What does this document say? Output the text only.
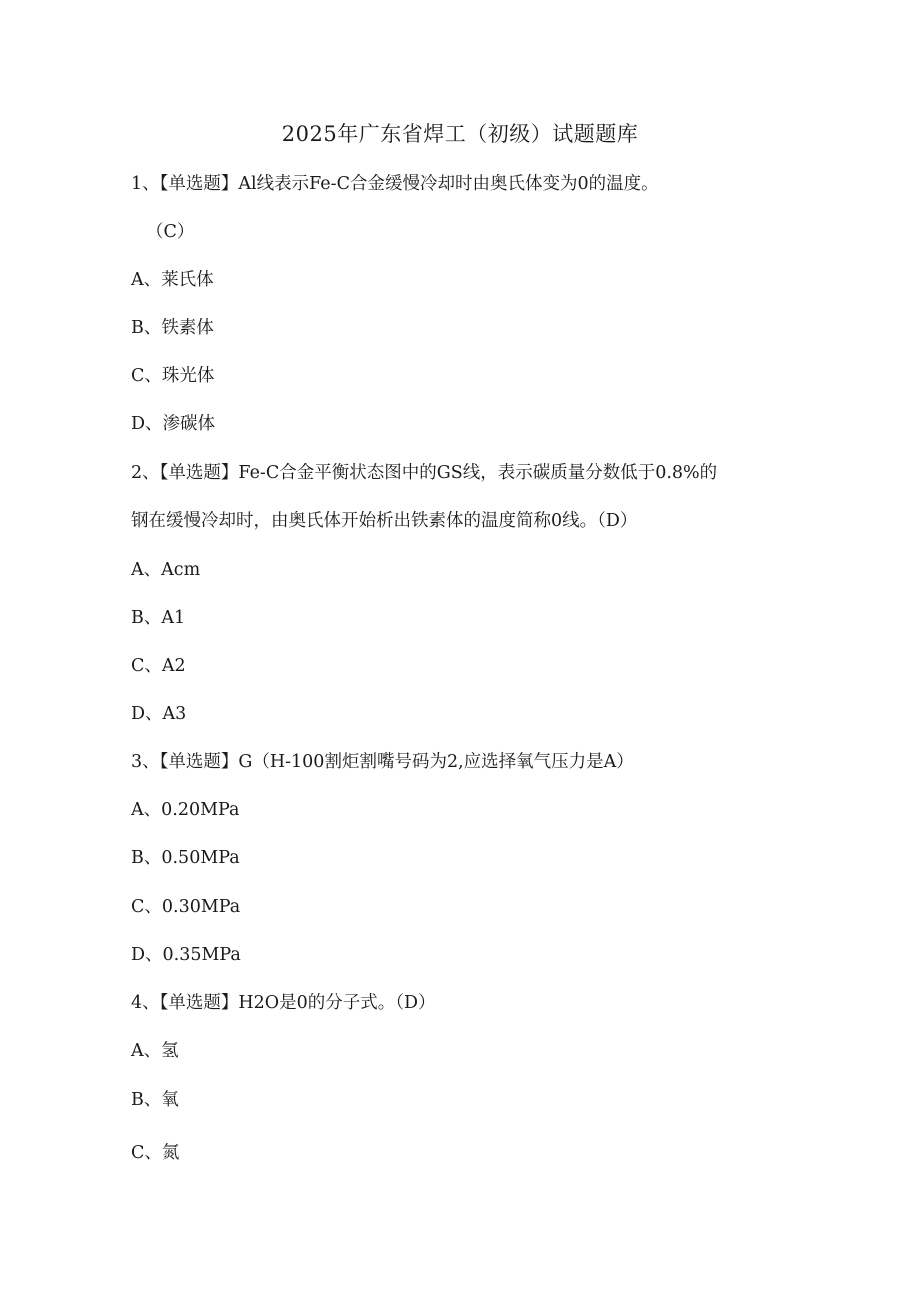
2025年广东省焊工（初级）试题题库
1、【单选题】Al线表示Fe-C合金缓慢冷却时由奥氏体变为0的温度。
（C）
A、莱氏体
B、铁素体
C、珠光体
D、渗碳体
2、【单选题】Fe-C合金平衡状态图中的GS线，表示碳质量分数低于0.8%的
钢在缓慢冷却时，由奥氏体开始析出铁素体的温度简称0线。（D）
A、Acm
B、A1
C、A2
D、A3
3、【单选题】G（H-100割炬割嘴号码为2,应选择氧气压力是A）
A、0.20MPa
B、0.50MPa
C、0.30MPa
D、0.35MPa
4、【单选题】H2O是0的分子式。（D）
A、氢
B、氧
C、氮
